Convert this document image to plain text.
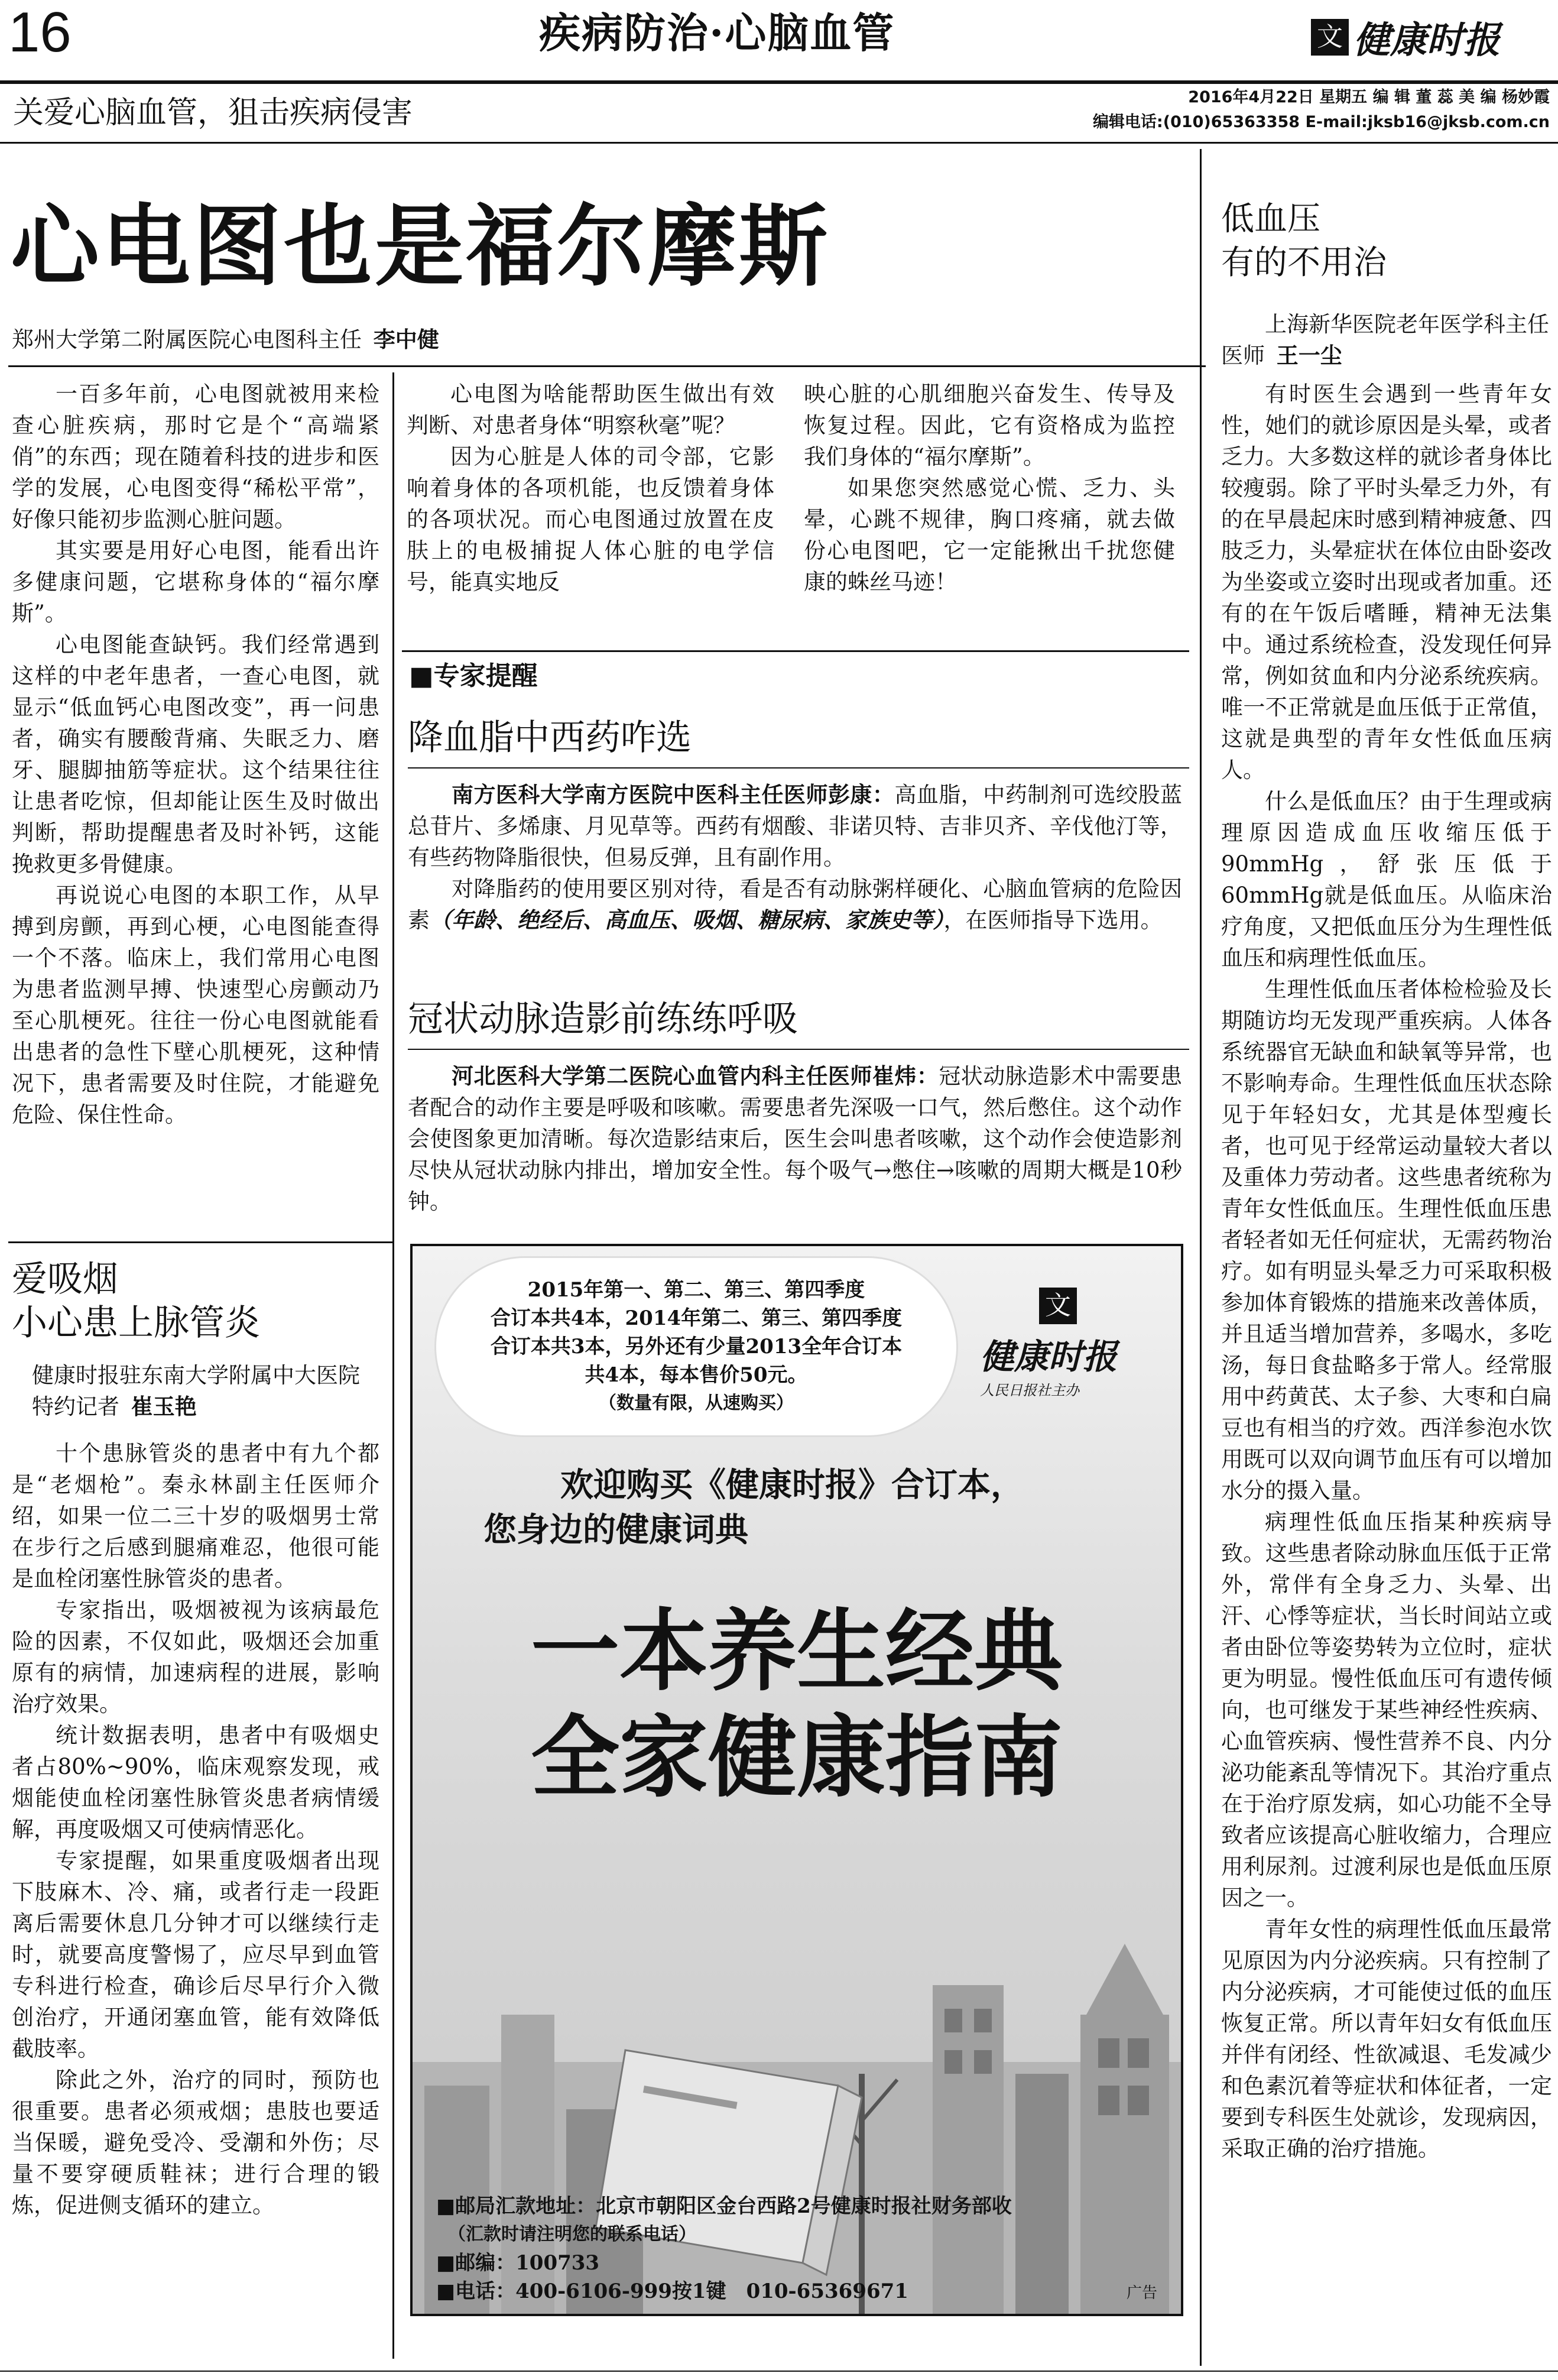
16	疾病防治·心脑血管	文 健康时报
关爱心脑血管，狙击疾病侵害	2016年4月22日 星期五 编 辑 董 蕊 美 编 杨妙霞
编辑电话:(010)65363358 E-mail:jksb16@jksb.com.cn
心电图也是福尔摩斯
郑州大学第二附属医院心电图科主任 李中健

一百多年前，心电图就被用来检查心脏疾病，那时它是个“高端紧俏”的东西；现在随着科技的进步和医学的发展，心电图变得“稀松平常”，好像只能初步监测心脏问题。

其实要是用好心电图，能看出许多健康问题，它堪称身体的“福尔摩斯”。

心电图能查缺钙。我们经常遇到这样的中老年患者，一查心电图，就显示“低血钙心电图改变”，再一问患者，确实有腰酸背痛、失眠乏力、磨牙、腿脚抽筋等症状。这个结果往往让患者吃惊，但却能让医生及时做出判断，帮助提醒患者及时补钙，这能挽救更多骨健康。

再说说心电图的本职工作，从早搏到房颤，再到心梗，心电图能查得一个不落。临床上，我们常用心电图为患者监测早搏、快速型心房颤动乃至心肌梗死。往往一份心电图就能看出患者的急性下壁心肌梗死，这种情况下，患者需要及时住院，才能避免危险、保住性命。

心电图为啥能帮助医生做出有效判断、对患者身体“明察秋毫”呢？

因为心脏是人体的司令部，它影响着身体的各项机能，也反馈着身体的各项状况。而心电图通过放置在皮肤上的电极捕捉人体心脏的电学信号，能真实地反

映心脏的心肌细胞兴奋发生、传导及恢复过程。因此，它有资格成为监控我们身体的“福尔摩斯”。

如果您突然感觉心慌、乏力、头晕，心跳不规律，胸口疼痛，就去做份心电图吧，它一定能揪出千扰您健康的蛛丝马迹！

■专家提醒
降血脂中西药咋选

南方医科大学南方医院中医科主任医师彭康：高血脂，中药制剂可选绞股蓝总苷片、多烯康、月见草等。西药有烟酸、非诺贝特、吉非贝齐、辛伐他汀等，有些药物降脂很快，但易反弹，且有副作用。

对降脂药的使用要区别对待，看是否有动脉粥样硬化、心脑血管病的危险因素（年龄、绝经后、高血压、吸烟、糖尿病、家族史等），在医师指导下选用。

冠状动脉造影前练练呼吸

河北医科大学第二医院心血管内科主任医师崔炜：冠状动脉造影术中需要患者配合的动作主要是呼吸和咳嗽。需要患者先深吸一口气，然后憋住。这个动作会使图象更加清晰。每次造影结束后，医生会叫患者咳嗽，这个动作会使造影剂尽快从冠状动脉内排出，增加安全性。每个吸气→憋住→咳嗽的周期大概是10秒钟。

爱吸烟
小心患上脉管炎
健康时报驻东南大学附属中大医院特约记者 崔玉艳

十个患脉管炎的患者中有九个都是“老烟枪”。秦永林副主任医师介绍，如果一位二三十岁的吸烟男士常在步行之后感到腿痛难忍，他很可能是血栓闭塞性脉管炎的患者。

专家指出，吸烟被视为该病最危险的因素，不仅如此，吸烟还会加重原有的病情，加速病程的进展，影响治疗效果。

统计数据表明，患者中有吸烟史者占80%~90%，临床观察发现，戒烟能使血栓闭塞性脉管炎患者病情缓解，再度吸烟又可使病情恶化。

专家提醒，如果重度吸烟者出现下肢麻木、冷、痛，或者行走一段距离后需要休息几分钟才可以继续行走时，就要高度警惕了，应尽早到血管专科进行检查，确诊后尽早行介入微创治疗，开通闭塞血管，能有效降低截肢率。

除此之外，治疗的同时，预防也很重要。患者必须戒烟；患肢也要适当保暖，避免受冷、受潮和外伤；尽量不要穿硬质鞋袜；进行合理的锻炼，促进侧支循环的建立。

低血压
有的不用治
上海新华医院老年医学科主任医师 王一尘

有时医生会遇到一些青年女性，她们的就诊原因是头晕，或者乏力。大多数这样的就诊者身体比较瘦弱。除了平时头晕乏力外，有的在早晨起床时感到精神疲惫、四肢乏力，头晕症状在体位由卧姿改为坐姿或立姿时出现或者加重。还有的在午饭后嗜睡，精神无法集中。通过系统检查，没发现任何异常，例如贫血和内分泌系统疾病。唯一不正常就是血压低于正常值，这就是典型的青年女性低血压病人。

什么是低血压？由于生理或病理原因造成血压收缩压低于90mmHg，舒张压低于60mmHg就是低血压。从临床治疗角度，又把低血压分为生理性低血压和病理性低血压。

生理性低血压者体检检验及长期随访均无发现严重疾病。人体各系统器官无缺血和缺氧等异常，也不影响寿命。生理性低血压状态除见于年轻妇女，尤其是体型瘦长者，也可见于经常运动量较大者以及重体力劳动者。这些患者统称为青年女性低血压。生理性低血压患者轻者如无任何症状，无需药物治疗。如有明显头晕乏力可采取积极参加体育锻炼的措施来改善体质，并且适当增加营养，多喝水，多吃汤，每日食盐略多于常人。经常服用中药黄芪、太子参、大枣和白扁豆也有相当的疗效。西洋参泡水饮用既可以双向调节血压有可以增加水分的摄入量。

病理性低血压指某种疾病导致。这些患者除动脉血压低于正常外，常伴有全身乏力、头晕、出汗、心悸等症状，当长时间站立或者由卧位等姿势转为立位时，症状更为明显。慢性低血压可有遗传倾向，也可继发于某些神经性疾病、心血管疾病、慢性营养不良、内分泌功能紊乱等情况下。其治疗重点在于治疗原发病，如心功能不全导致者应该提高心脏收缩力，合理应用利尿剂。过渡利尿也是低血压原因之一。

青年女性的病理性低血压最常见原因为内分泌疾病。只有控制了内分泌疾病，才可能使过低的血压恢复正常。所以青年妇女有低血压并伴有闭经、性欲减退、毛发减少和色素沉着等症状和体征者，一定要到专科医生处就诊，发现病因，采取正确的治疗措施。

2015年第一、第二、第三、第四季度
合订本共4本，2014年第二、第三、第四季度
合订本共3本，另外还有少量2013全年合订本
共4本，每本售价50元。
（数量有限，从速购买）
文
健康时报
人民日报社主办
欢迎购买《健康时报》合订本，
您身边的健康词典
一本养生经典
全家健康指南
■邮局汇款地址：北京市朝阳区金台西路2号健康时报社财务部收
（汇款时请注明您的联系电话）
■邮编：100733
■电话：400-6106-999按1键　010-65369671	广告
